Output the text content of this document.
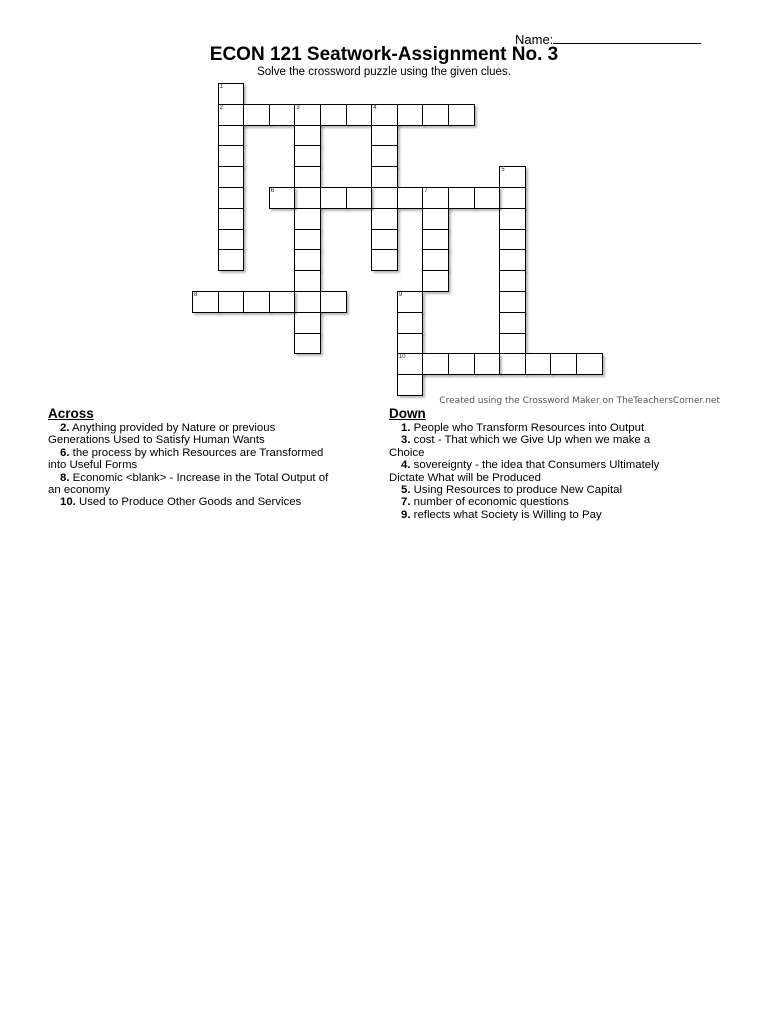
Name:
ECON 121 Seatwork-Assignment No. 3
Solve the crossword puzzle using the given clues.
1
2	3	4
5
6	7
8	9
10
Created using the Crossword Maker on TheTeachersCorner.net
Across
2. Anything provided by Nature or previous
Generations Used to Satisfy Human Wants
6. the process by which Resources are Transformed
into Useful Forms
8. Economic <blank> - Increase in the Total Output of
an economy
10. Used to Produce Other Goods and Services
Down
1. People who Transform Resources into Output
3. cost - That which we Give Up when we make a
Choice
4. sovereignty - the idea that Consumers Ultimately
Dictate What will be Produced
5. Using Resources to produce New Capital
7. number of economic questions
9. reflects what Society is Willing to Pay
